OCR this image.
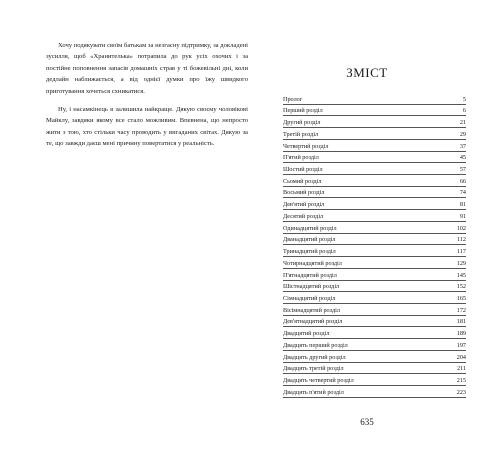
Хочу подякувати своїм батькам за незгасну підтримку, за докладені зусилля, щоб «Хранителька» потрапила до рук усіх охочих і за постійне поповнення запасів домашніх страв у ті божевільні дні, коли дедлайн наближається, а від однієї думки про їжу швидкого приготування хочеться схникатися.

Ну, і насамкінець я залишила найкраще. Дякую своєму чоловікові Майклу, завдяки якому все стало можливим. Впевнена, що непросто жити з тою, хто стільки часу проводить у вигаданих світах. Дякую за те, що завжди даєш мені причину повертатися у реальність.

ЗМІСТ
Пролог	5
Перший розділ	6
Другий розділ	21
Третій розділ	29
Четвертий розділ	37
П'ятий розділ	45
Шостий розділ	57
Сьомий розділ	66
Восьмий розділ	74
Дев'ятий розділ	81
Десятий розділ	91
Одинадцятий розділ	102
Дванадцятий розділ	112
Тринадцятий розділ	117
Чотирнадцятий розділ	129
П'ятнадцятий розділ	145
Шістнадцятий розділ	152
Сімнадцятий розділ	165
Вісімнадцятий розділ	172
Дев'ятнадцятий розділ	181
Двадцятий розділ	189
Двадцять перший розділ	197
Двадцять другий розділ	204
Двадцять третій розділ	211
Двадцять четвертий розділ	215
Двадцять п'ятий розділ	223
635
